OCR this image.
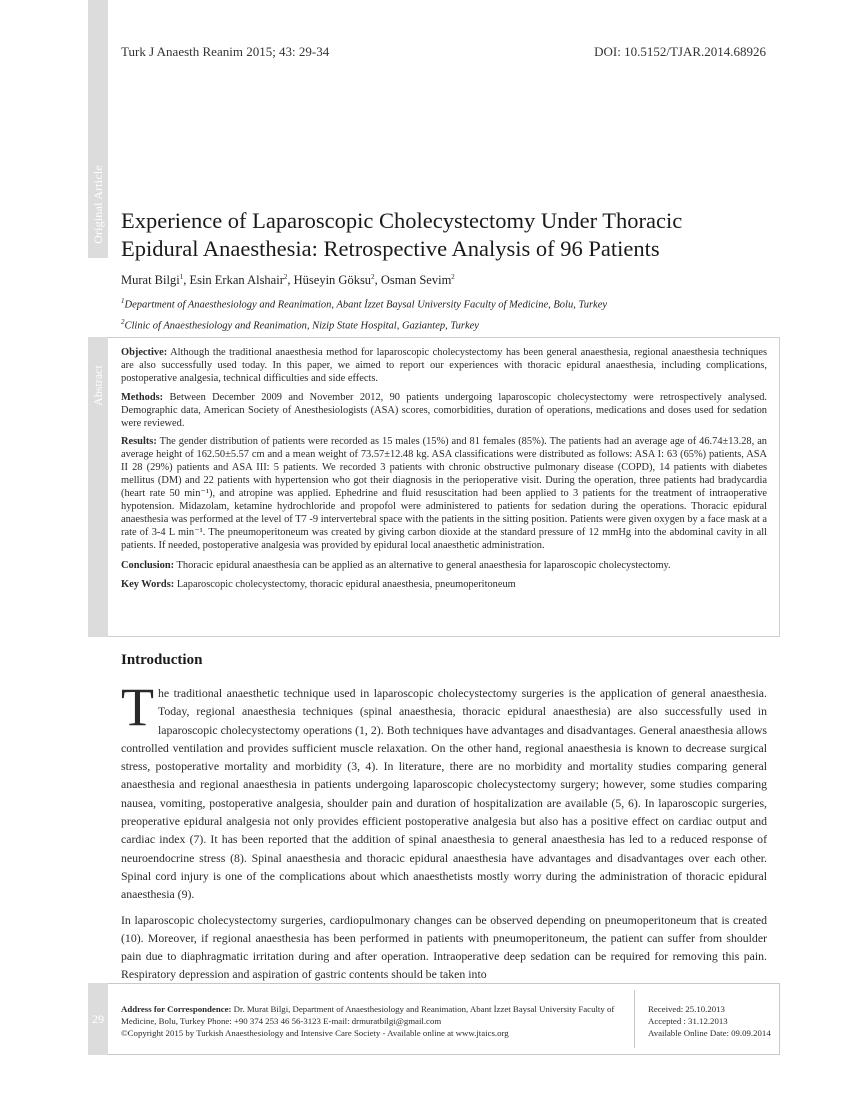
Original Article
Turk J Anaesth Reanim 2015; 43: 29-34	DOI: 10.5152/TJAR.2014.68926
Experience of Laparoscopic Cholecystectomy Under Thoracic Epidural Anaesthesia: Retrospective Analysis of 96 Patients
Murat Bilgi$^1$, Esin Erkan Alshair$^2$, Hüseyin Göksu$^2$, Osman Sevim$^2$
$^1$Department of Anaesthesiology and Reanimation, Abant İzzet Baysal University Faculty of Medicine, Bolu, Turkey
$^2$Clinic of Anaesthesiology and Reanimation, Nizip State Hospital, Gaziantep, Turkey
Abstract

Objective: Although the traditional anaesthesia method for laparoscopic cholecystectomy has been general anaesthesia, regional anaesthesia techniques are also successfully used today. In this paper, we aimed to report our experiences with thoracic epidural anaesthesia, including complications, postoperative analgesia, technical difficulties and side effects.

Methods: Between December 2009 and November 2012, 90 patients undergoing laparoscopic cholecystectomy were retrospectively analysed. Demographic data, American Society of Anesthesiologists (ASA) scores, comorbidities, duration of operations, medications and doses used for sedation were reviewed.

Results: The gender distribution of patients were recorded as 15 males (15%) and 81 females (85%). The patients had an average age of 46.74±13.28, an average height of 162.50±5.57 cm and a mean weight of 73.57±12.48 kg. ASA classifications were distributed as follows: ASA I: 63 (65%) patients, ASA II 28 (29%) patients and ASA III: 5 patients. We recorded 3 patients with chronic obstructive pulmonary disease (COPD), 14 patients with diabetes mellitus (DM) and 22 patients with hypertension who got their diagnosis in the perioperative visit. During the operation, three patients had bradycardia (heart rate 50 min⁻¹), and atropine was applied. Ephedrine and fluid resuscitation had been applied to 3 patients for the treatment of intraoperative hypotension. Midazolam, ketamine hydrochloride and propofol were administered to patients for sedation during the operations. Thoracic epidural anaesthesia was performed at the level of T7 -9 intervertebral space with the patients in the sitting position. Patients were given oxygen by a face mask at a rate of 3-4 L min⁻¹. The pneumoperitoneum was created by giving carbon dioxide at the standard pressure of 12 mmHg into the abdominal cavity in all patients. If needed, postoperative analgesia was provided by epidural local anaesthetic administration.

Conclusion: Thoracic epidural anaesthesia can be applied as an alternative to general anaesthesia for laparoscopic cholecystectomy.

Key Words: Laparoscopic cholecystectomy, thoracic epidural anaesthesia, pneumoperitoneum

Introduction

The traditional anaesthetic technique used in laparoscopic cholecystectomy surgeries is the application of general anaesthesia. Today, regional anaesthesia techniques (spinal anaesthesia, thoracic epidural anaesthesia) are also successfully used in laparoscopic cholecystectomy operations (1, 2). Both techniques have advantages and disadvantages. General anaesthesia allows controlled ventilation and provides sufficient muscle relaxation. On the other hand, regional anaesthesia is known to decrease surgical stress, postoperative mortality and morbidity (3, 4). In literature, there are no morbidity and mortality studies comparing general anaesthesia and regional anaesthesia in patients undergoing laparoscopic cholecystectomy surgery; however, some studies comparing nausea, vomiting, postoperative analgesia, shoulder pain and duration of hospitalization are available (5, 6). In laparoscopic surgeries, preoperative epidural analgesia not only provides efficient postoperative analgesia but also has a positive effect on cardiac output and cardiac index (7). It has been reported that the addition of spinal anaesthesia to general anaesthesia has led to a reduced response of neuroendocrine stress (8). Spinal anaesthesia and thoracic epidural anaesthesia have advantages and disadvantages over each other. Spinal cord injury is one of the complications about which anaesthetists mostly worry during the administration of thoracic epidural anaesthesia (9).

In laparoscopic cholecystectomy surgeries, cardiopulmonary changes can be observed depending on pneumoperitoneum that is created (10). Moreover, if regional anaesthesia has been performed in patients with pneumoperitoneum, the patient can suffer from shoulder pain due to diaphragmatic irritation during and after operation. Intraoperative deep sedation can be required for removing this pain. Respiratory depression and aspiration of gastric contents should be taken into

29
Address for Correspondence: Dr. Murat Bilgi, Department of Anaesthesiology and Reanimation, Abant İzzet Baysal University Faculty of Medicine, Bolu, Turkey Phone: +90 374 253 46 56-3123 E-mail: drmuratbilgi@gmail.com
©Copyright 2015 by Turkish Anaesthesiology and Intensive Care Society - Available online at www.jtaics.org
Received: 25.10.2013
Accepted : 31.12.2013
Available Online Date: 09.09.2014
